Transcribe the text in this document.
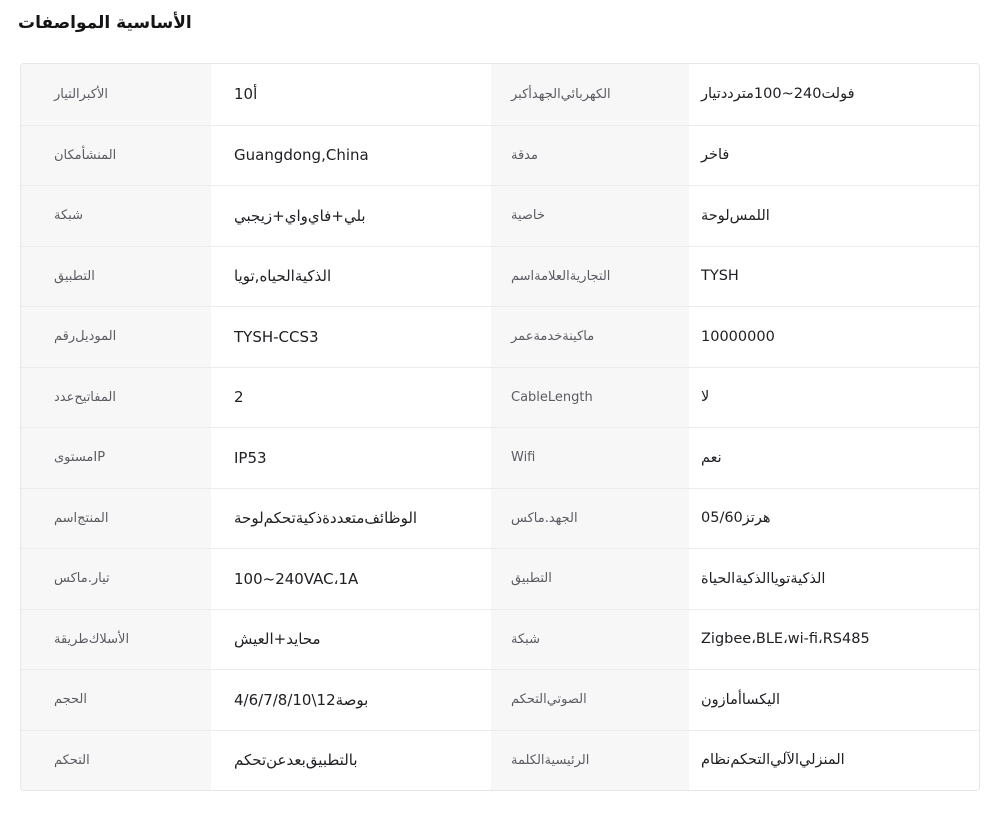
المواصفات الأساسية
التيار الأكبر	10 أ	أكبر الجهد الكهربائي	تيار متردد 100 ~ 240 فولت
مكان المنشأ	Guangdong , China	مدقة	فاخر
شبكة	زيجبي + واي فاي + بلي	خاصية	لوحة اللمس
التطبيق	تويا , الحياه الذكية	اسم العلامة التجارية	TYSH
رقم الموديل	TYSH-CCS3	عمر خدمة ماكينة	10000000
عدد المفاتيح	2	Cable Length	لا
مستوى IP	IP53	Wifi	نعم
اسم المنتج	لوحة تحكم ذكية متعددة الوظائف	ماكس . الجهد	05/60 هرتز
ماكس . تيار	100 ~ 240VAC ، 1A	التطبيق	الحياة الذكية تويا الذكية
طريقة الأسلاك	العيش + محايد	شبكة	Zigbee ، BLE ، wi-fi ، RS485
الحجم	4/6/7/8/10\ 12 بوصة	التحكم الصوتي	أمازون اليكسا
التحكم	تحكم عن بعد بالتطبيق	الكلمة الرئيسية	نظام التحكم الآلي المنزلي
